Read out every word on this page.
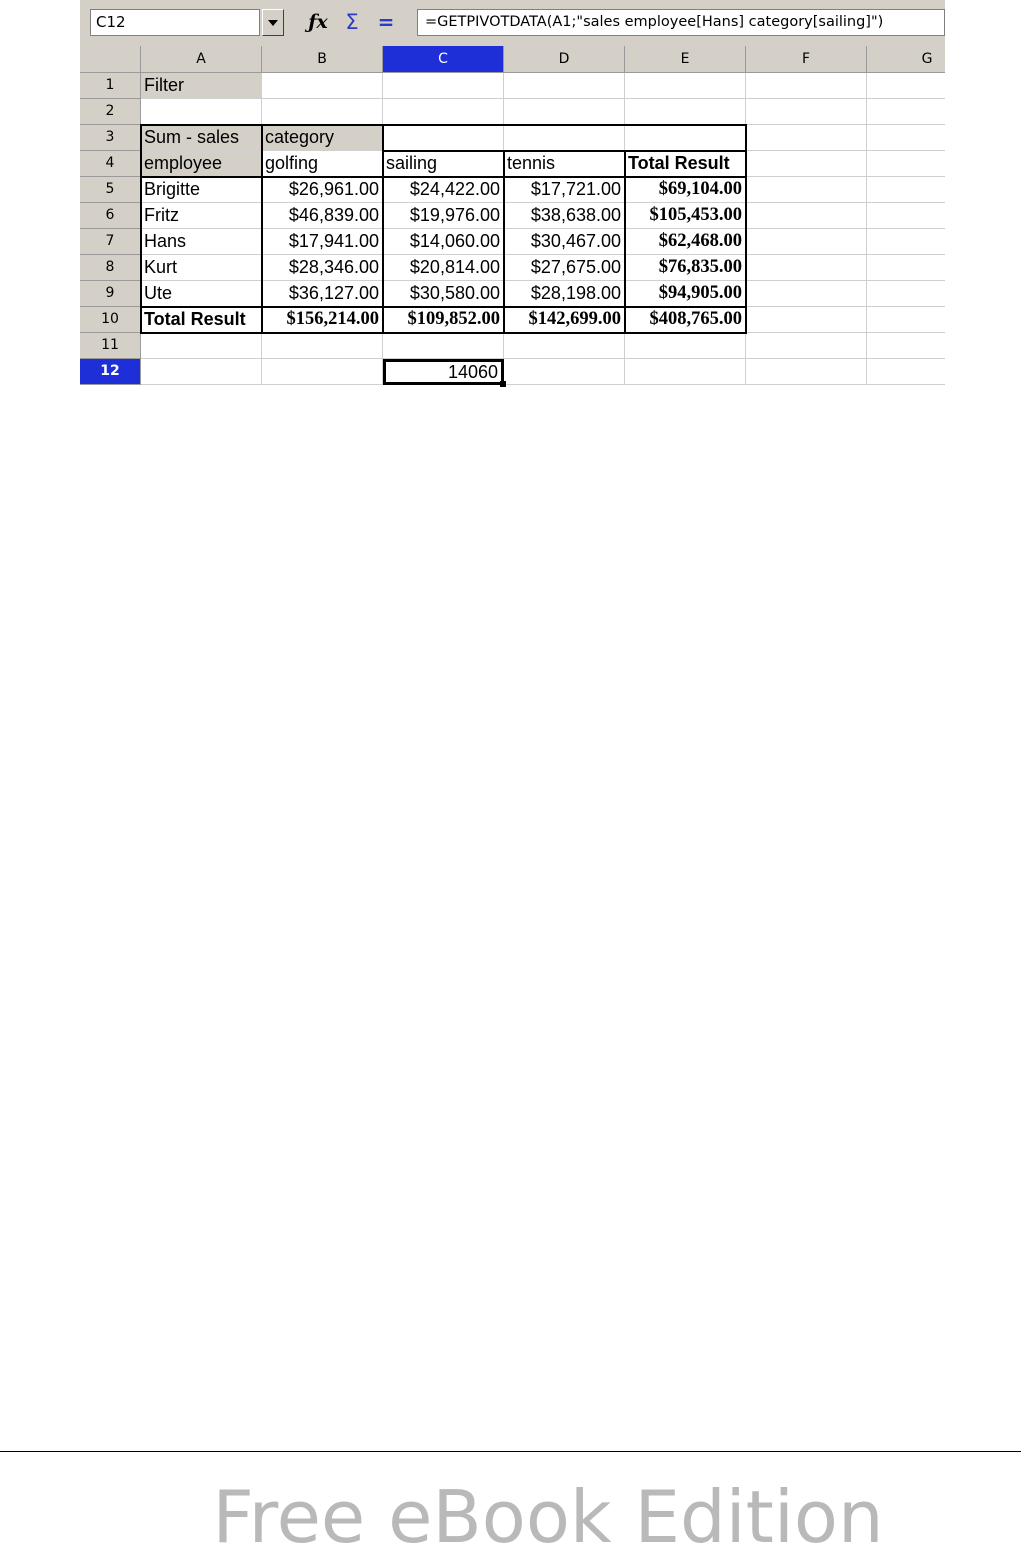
C12	ƒx Σ =	=GETPIVOTDATA(A1;"sales employee[Hans] category[sailing]")
A	B	C	D	E	F	G
1	Filter
2
3	Sum - sales	category
4	employee	golfing	sailing	tennis	Total Result
5	Brigitte	$26,961.00	$24,422.00	$17,721.00	$69,104.00
6	Fritz	$46,839.00	$19,976.00	$38,638.00	$105,453.00
7	Hans	$17,941.00	$14,060.00	$30,467.00	$62,468.00
8	Kurt	$28,346.00	$20,814.00	$27,675.00	$76,835.00
9	Ute	$36,127.00	$30,580.00	$28,198.00	$94,905.00
10	Total Result	$156,214.00	$109,852.00	$142,699.00	$408,765.00
11
12	14060
Free eBook Edition
